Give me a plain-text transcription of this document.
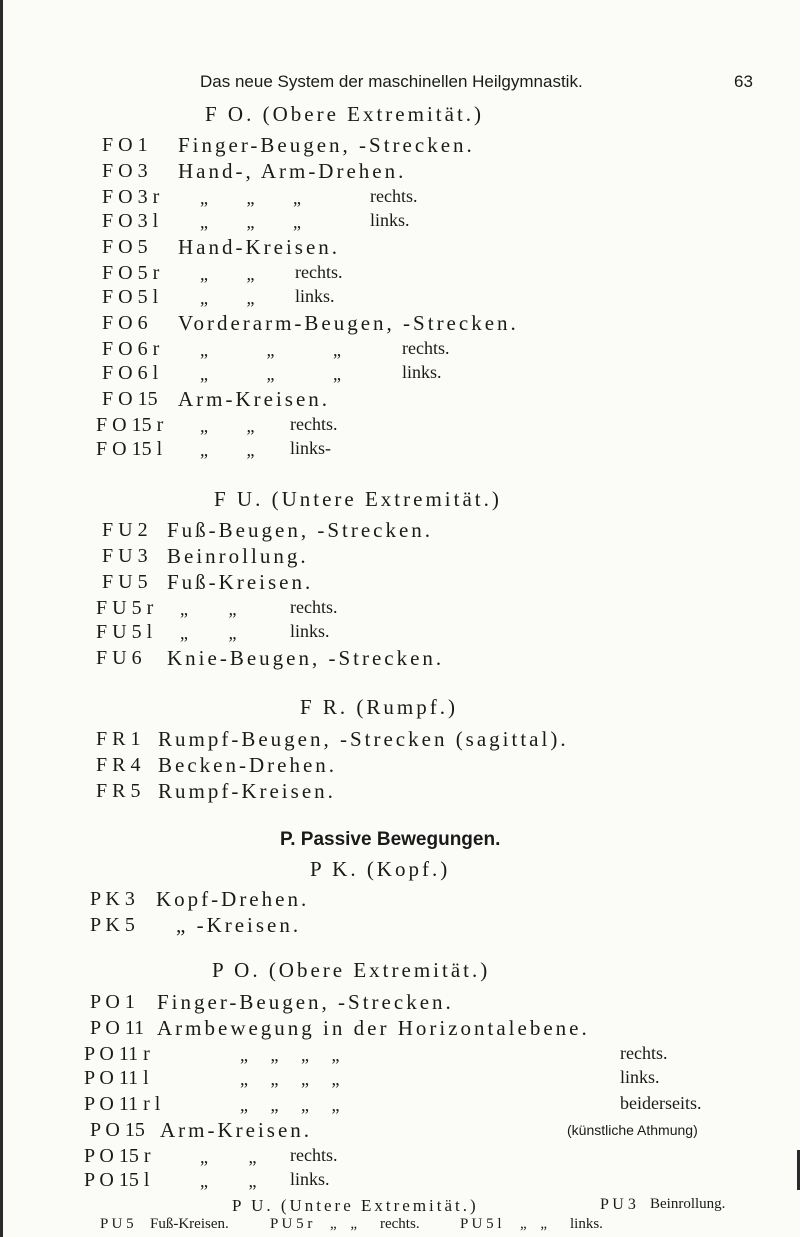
Das neue System der maschinellen Heilgymnastik.	63
F O. (Obere Extremität.)
F O 1 Finger-Beugen, -Strecken.
F O 3 Hand-, Arm-Drehen.
F O 3 r „ „ „	rechts.
F O 3 l „ „ „	links.
F O 5 Hand-Kreisen.
F O 5 r „ „ rechts.
F O 5 l „ „ links.
F O 6 Vorderarm-Beugen, -Strecken.
F O 6 r „ „ „	rechts.
F O 6 l „ „ „	links.
F O 15 Arm-Kreisen.
F O 15 r „ „ rechts.
F O 15 l „ „ links-
F U. (Untere Extremität.)
F U 2 Fuß-Beugen, -Strecken.
F U 3 Beinrollung.
F U 5 Fuß-Kreisen.
F U 5 r „ „	rechts.
F U 5 l „ „	links.
F U 6 Knie-Beugen, -Strecken.
F R. (Rumpf.)
F R 1 Rumpf-Beugen, -Strecken (sagittal).
F R 4 Becken-Drehen.
F R 5 Rumpf-Kreisen.
P. Passive Bewegungen.
P K. (Kopf.)
P K 3 Kopf-Drehen.
P K 5 „ -Kreisen.
P O. (Obere Extremität.)
P O 1 Finger-Beugen, -Strecken.
P O 11 Armbewegung in der Horizontalebene.
P O 11 r	„ „ „ „	rechts.
P O 11 l	„ „ „ „	links.
P O 11 r l	„ „ „ „	beiderseits.
P O 15 Arm-Kreisen.	(künstliche Athmung)
P O 15 r	„ „ rechts.
P O 15 l	„ „ links.
P U. (Untere Extremität.)	P U 3 Beinrollung.
P U 5 Fuß-Kreisen.	P U 5 r „ „ rechts.	P U 5 l „ „ links.
